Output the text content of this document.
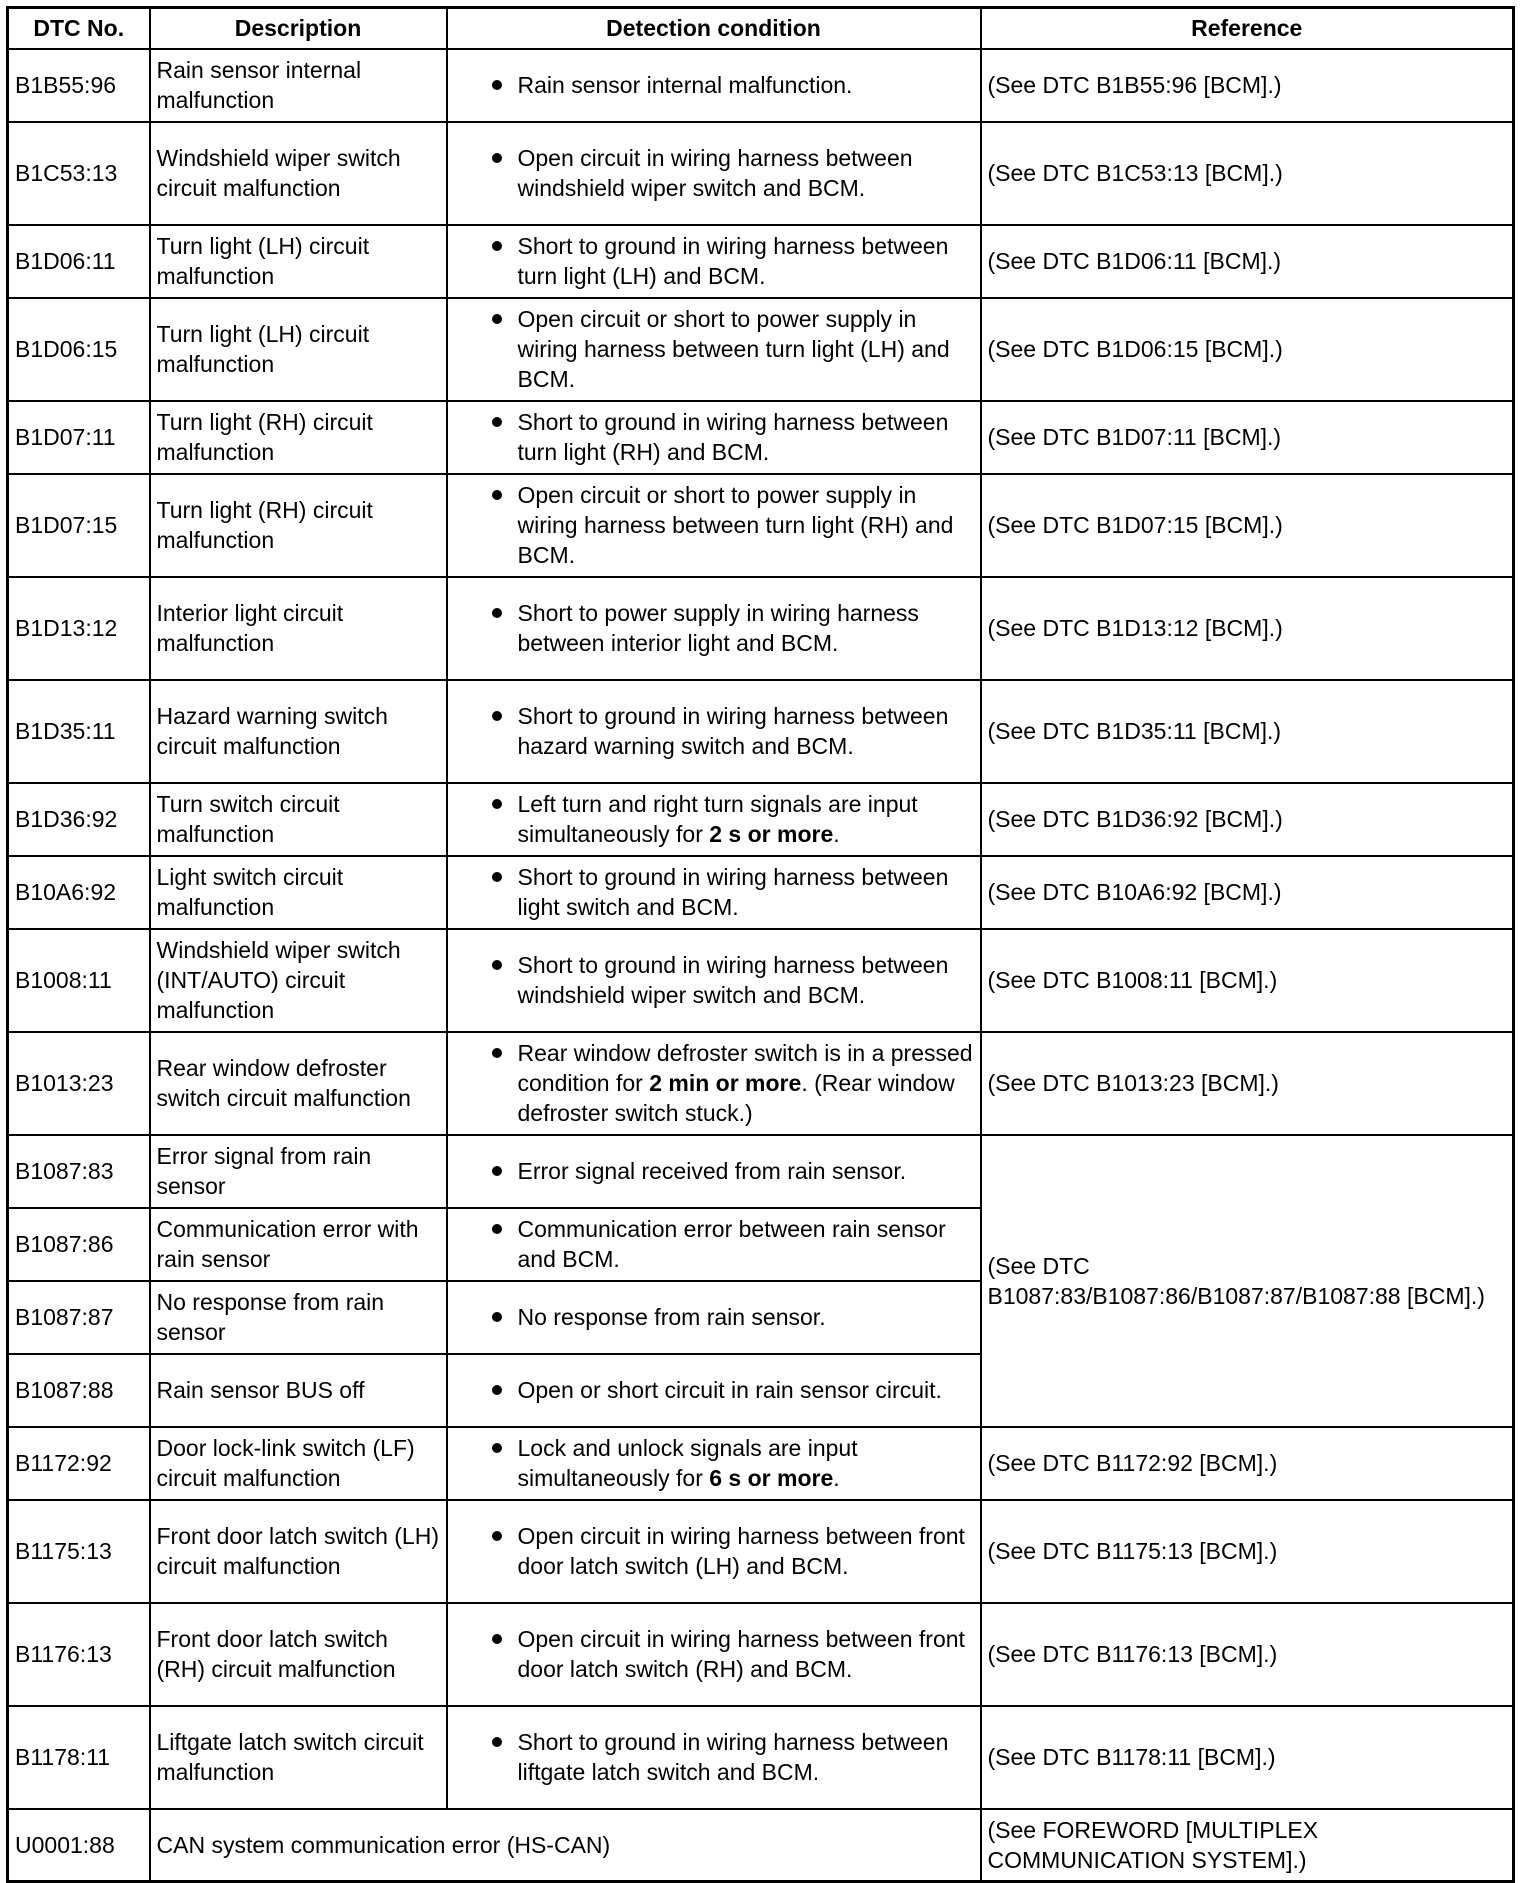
DTC No.	Description	Detection condition	Reference
B1B55:96	Rain sensor internal malfunction	Rain sensor internal malfunction.	(See DTC B1B55:96 [BCM].)
B1C53:13	Windshield wiper switch circuit malfunction	Open circuit in wiring harness between windshield wiper switch and BCM.	(See DTC B1C53:13 [BCM].)
B1D06:11	Turn light (LH) circuit malfunction	Short to ground in wiring harness between turn light (LH) and BCM.	(See DTC B1D06:11 [BCM].)
B1D06:15	Turn light (LH) circuit malfunction	Open circuit or short to power supply in wiring harness between turn light (LH) and BCM.	(See DTC B1D06:15 [BCM].)
B1D07:11	Turn light (RH) circuit malfunction	Short to ground in wiring harness between turn light (RH) and BCM.	(See DTC B1D07:11 [BCM].)
B1D07:15	Turn light (RH) circuit malfunction	Open circuit or short to power supply in wiring harness between turn light (RH) and BCM.	(See DTC B1D07:15 [BCM].)
B1D13:12	Interior light circuit malfunction	Short to power supply in wiring harness between interior light and BCM.	(See DTC B1D13:12 [BCM].)
B1D35:11	Hazard warning switch circuit malfunction	Short to ground in wiring harness between hazard warning switch and BCM.	(See DTC B1D35:11 [BCM].)
B1D36:92	Turn switch circuit malfunction	Left turn and right turn signals are input simultaneously for 2 s or more.	(See DTC B1D36:92 [BCM].)
B10A6:92	Light switch circuit malfunction	Short to ground in wiring harness between light switch and BCM.	(See DTC B10A6:92 [BCM].)
B1008:11	Windshield wiper switch (INT/AUTO) circuit malfunction	Short to ground in wiring harness between windshield wiper switch and BCM.	(See DTC B1008:11 [BCM].)
B1013:23	Rear window defroster switch circuit malfunction	Rear window defroster switch is in a pressed condition for 2 min or more. (Rear window defroster switch stuck.)	(See DTC B1013:23 [BCM].)
B1087:83	Error signal from rain sensor	Error signal received from rain sensor.	(See DTC B1087:83/B1087:86/B1087:87/B1087:88 [BCM].)
B1087:86	Communication error with rain sensor	Communication error between rain sensor and BCM.	

B1087:87	No response from rain sensor	No response from rain sensor.	

B1087:88	Rain sensor BUS off	Open or short circuit in rain sensor circuit.	

B1172:92	Door lock-link switch (LF) circuit malfunction	Lock and unlock signals are input simultaneously for 6 s or more.	(See DTC B1172:92 [BCM].)
B1175:13	Front door latch switch (LH) circuit malfunction	Open circuit in wiring harness between front door latch switch (LH) and BCM.	(See DTC B1175:13 [BCM].)
B1176:13	Front door latch switch (RH) circuit malfunction	Open circuit in wiring harness between front door latch switch (RH) and BCM.	(See DTC B1176:13 [BCM].)
B1178:11	Liftgate latch switch circuit malfunction	Short to ground in wiring harness between liftgate latch switch and BCM.	(See DTC B1178:11 [BCM].)
U0001:88	CAN system communication error (HS-CAN)		(See FOREWORD [MULTIPLEX COMMUNICATION SYSTEM].)
